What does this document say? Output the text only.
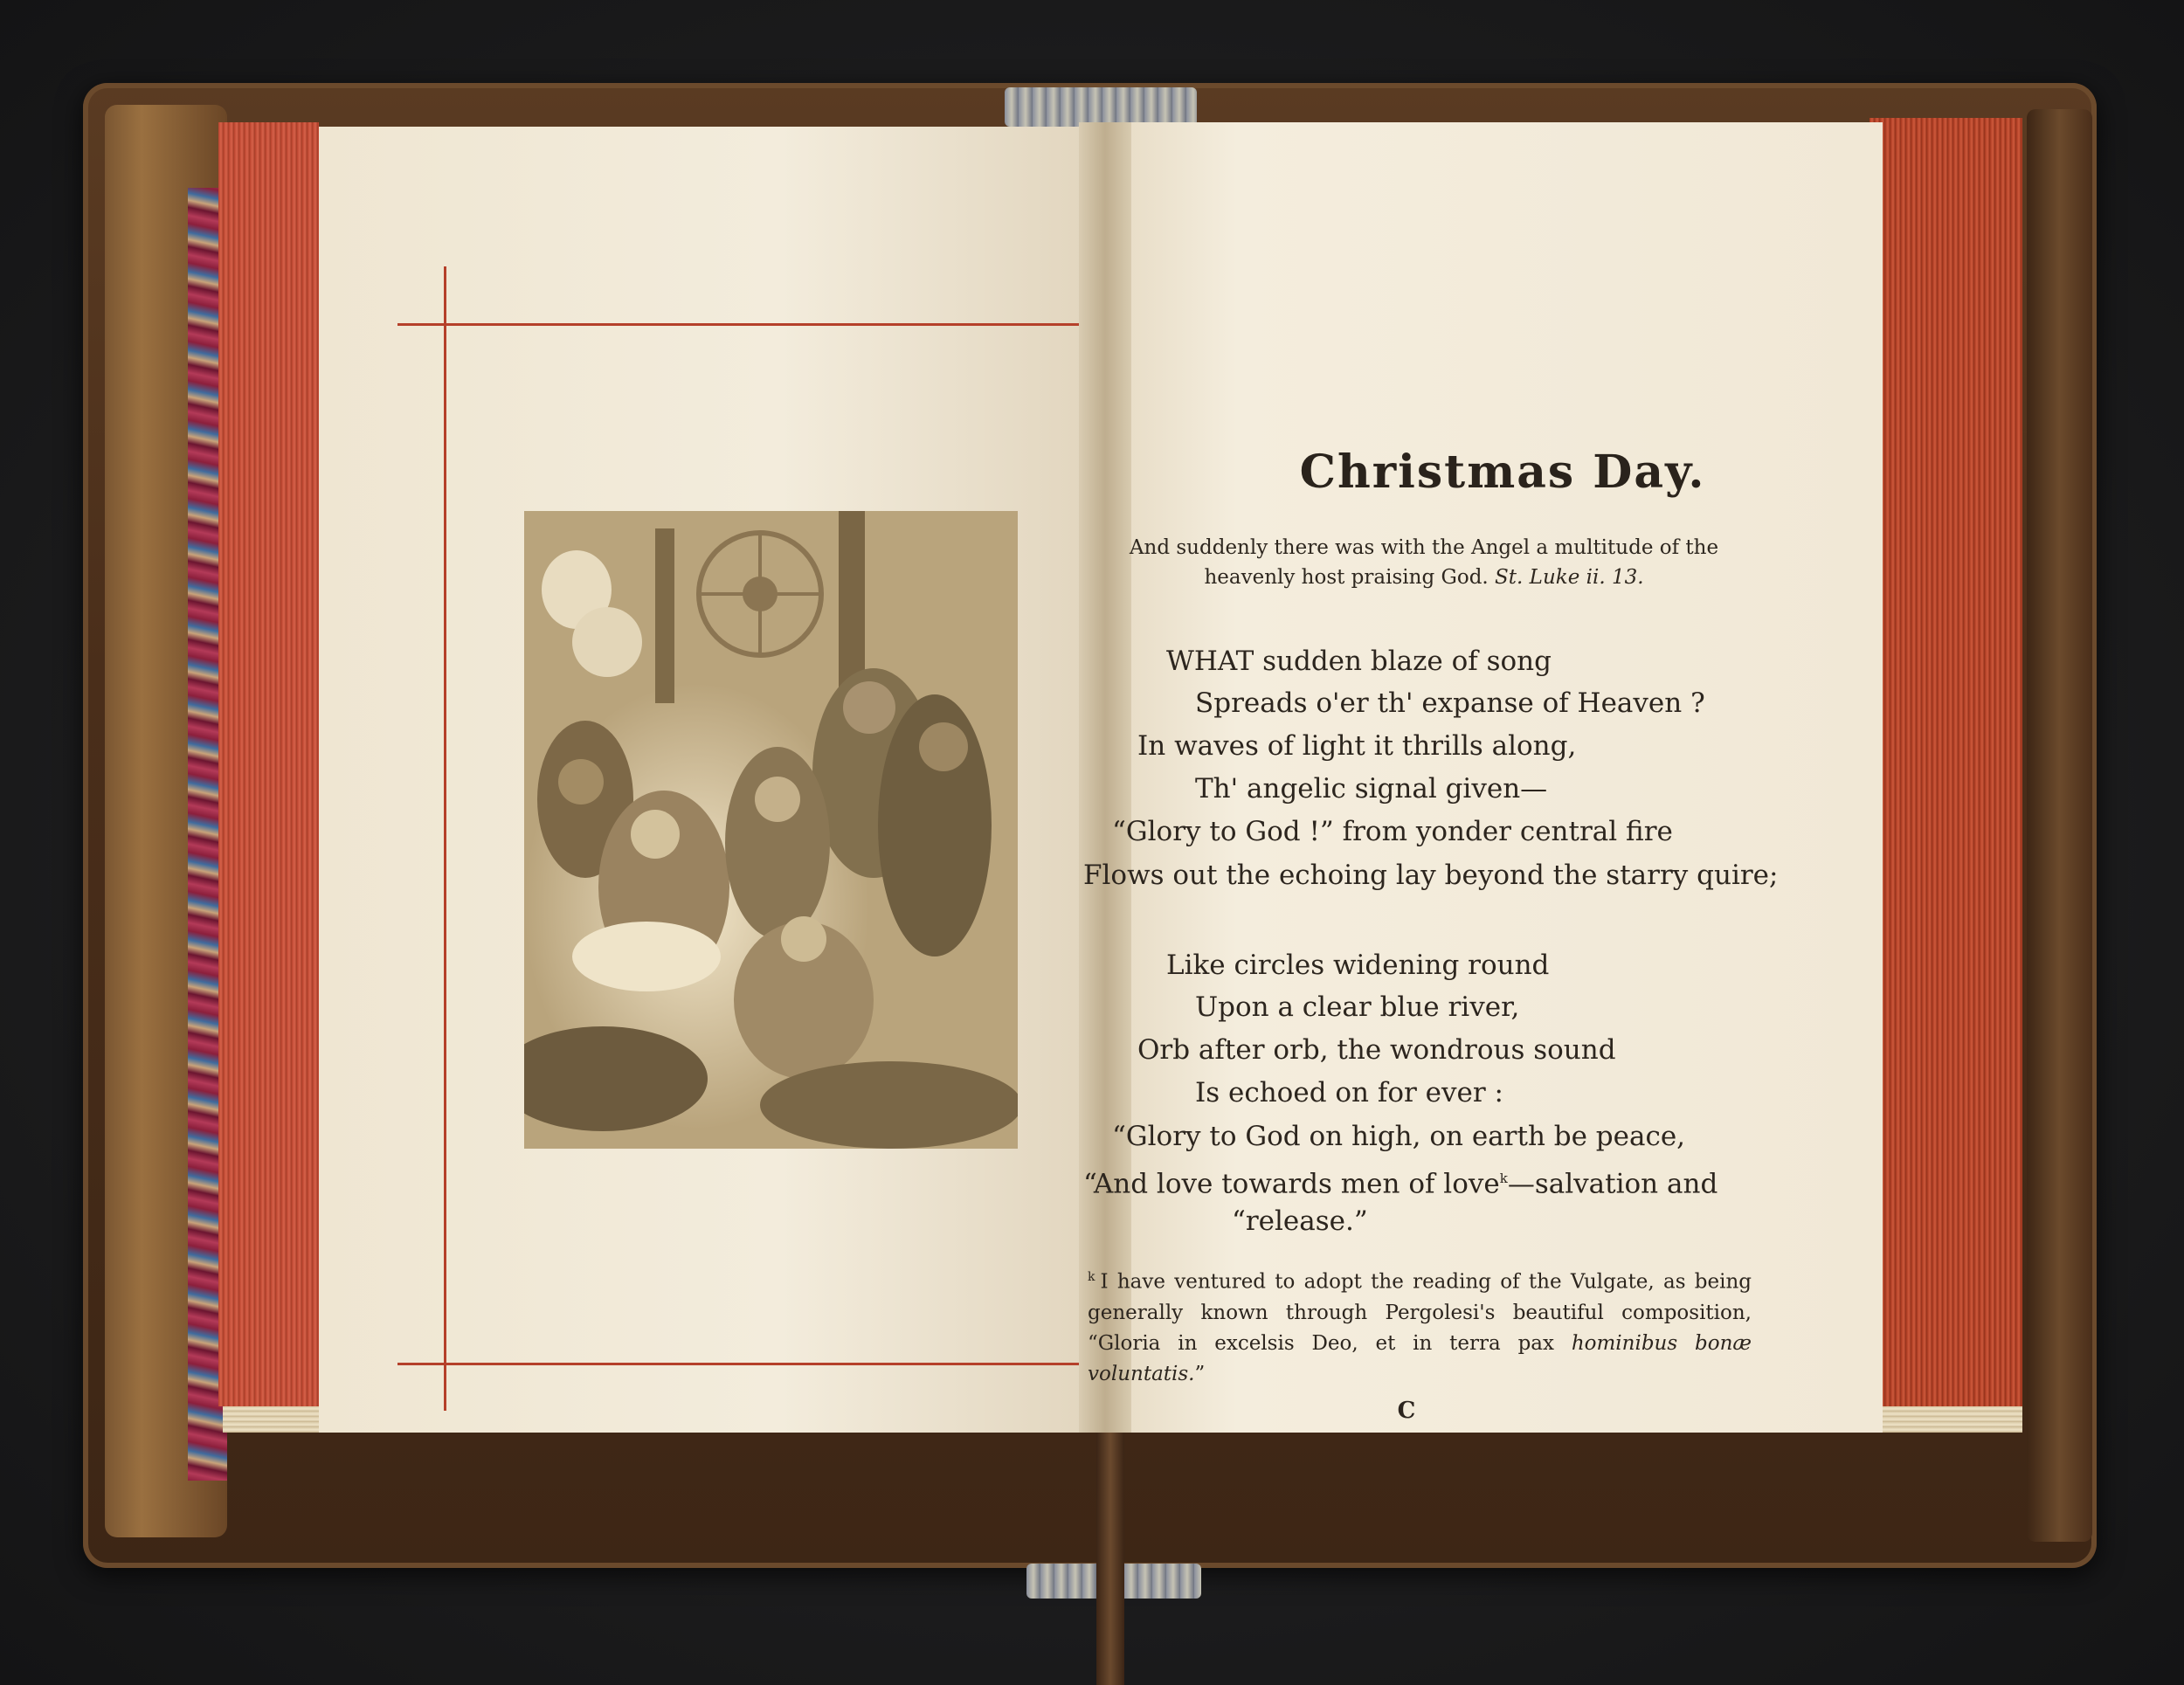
Christmas Day.
And suddenly there was with the Angel a multitude of the heavenly host praising God. St. Luke ii. 13.
WHAT sudden blaze of song
Spreads o'er th' expanse of Heaven ?
In waves of light it thrills along,
Th' angelic signal given—
“Glory to God !” from yonder central fire
Flows out the echoing lay beyond the starry quire;
Like circles widening round
Upon a clear blue river,
Orb after orb, the wondrous sound
Is echoed on for ever :
“Glory to God on high, on earth be peace,
“And love towards men of love$^k$—salvation and
“release.”
$^k$ I have ventured to adopt the reading of the Vulgate, as being generally known through Pergolesi's beautiful composition, “Gloria in excelsis Deo, et in terra pax hominibus bonæ voluntatis.”
C
